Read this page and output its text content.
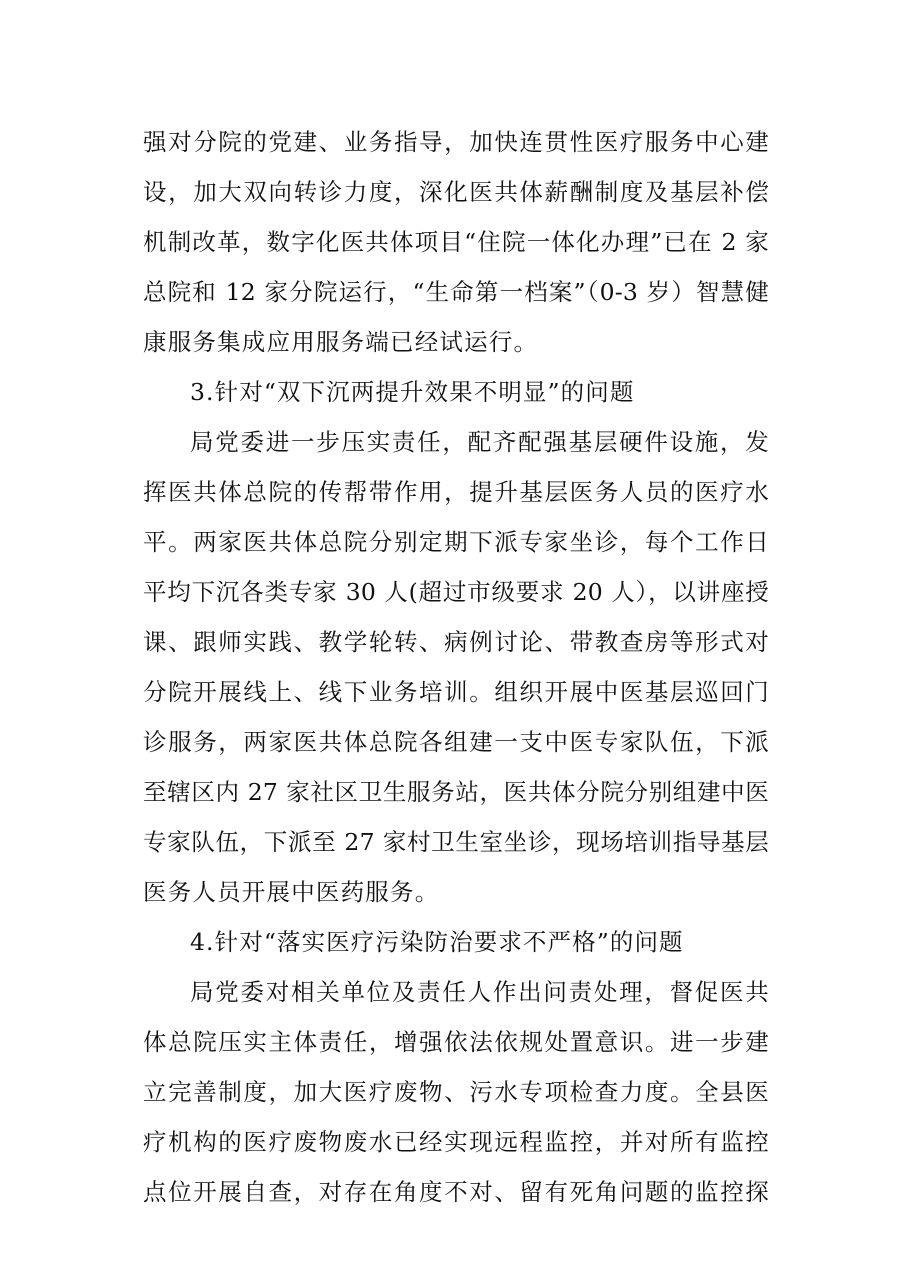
强对分院的党建、业务指导，加快连贯性医疗服务中心建

设，加大双向转诊力度，深化医共体薪酬制度及基层补偿

机制改革，数字化医共体项目“住院一体化办理”已在 2 家

总院和 12 家分院运行，“生命第一档案”（0-3 岁）智慧健

康服务集成应用服务端已经试运行。

3.针对“双下沉两提升效果不明显”的问题

局党委进一步压实责任，配齐配强基层硬件设施，发

挥医共体总院的传帮带作用，提升基层医务人员的医疗水

平。两家医共体总院分别定期下派专家坐诊，每个工作日

平均下沉各类专家 30 人(超过市级要求 20 人），以讲座授

课、跟师实践、教学轮转、病例讨论、带教查房等形式对

分院开展线上、线下业务培训。组织开展中医基层巡回门

诊服务，两家医共体总院各组建一支中医专家队伍，下派

至辖区内 27 家社区卫生服务站，医共体分院分别组建中医

专家队伍，下派至 27 家村卫生室坐诊，现场培训指导基层

医务人员开展中医药服务。

4.针对“落实医疗污染防治要求不严格”的问题

局党委对相关单位及责任人作出问责处理，督促医共

体总院压实主体责任，增强依法依规处置意识。进一步建

立完善制度，加大医疗废物、污水专项检查力度。全县医

疗机构的医疗废物废水已经实现远程监控，并对所有监控

点位开展自查，对存在角度不对、留有死角问题的监控探
